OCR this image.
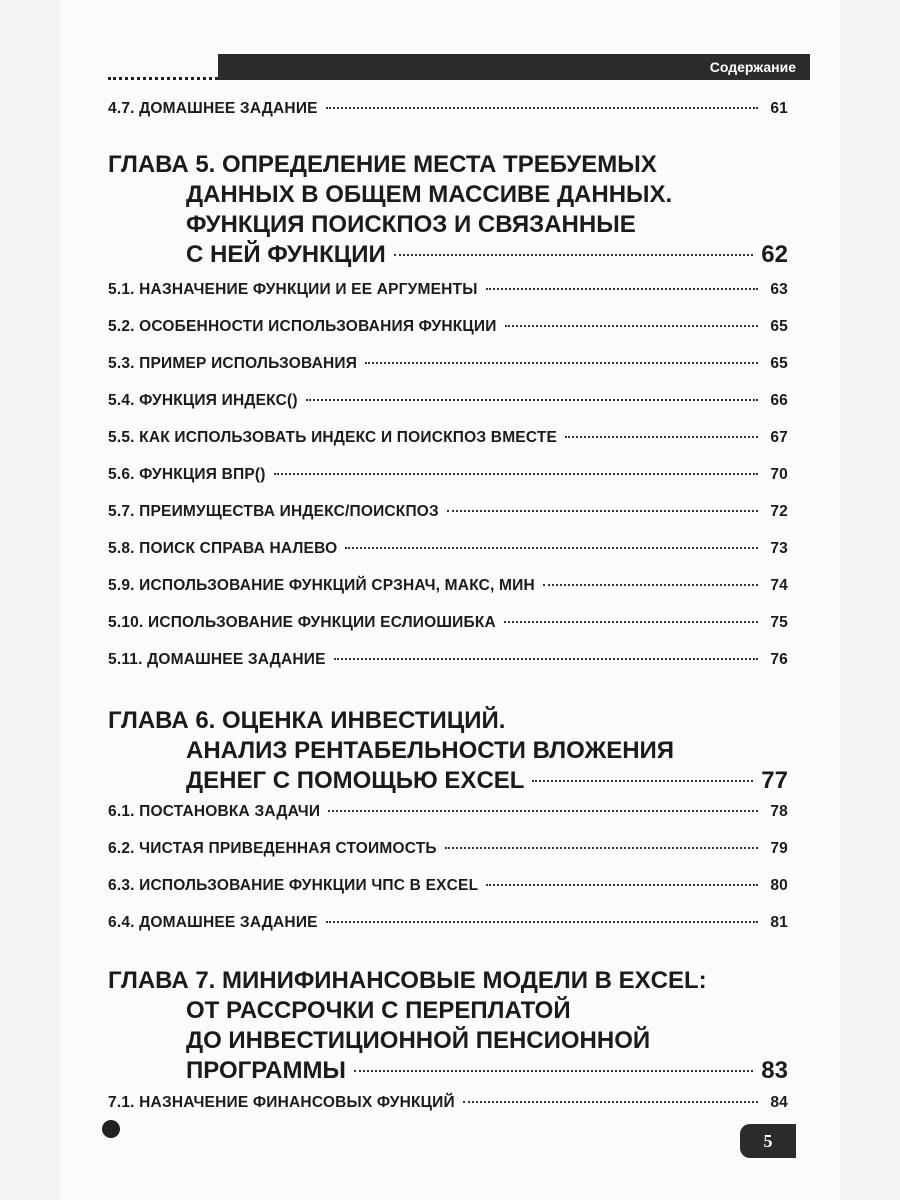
Содержание
4.7. ДОМАШНЕЕ ЗАДАНИЕ	61
ГЛАВА 5. ОПРЕДЕЛЕНИЕ МЕСТА ТРЕБУЕМЫХ
ДАННЫХ В ОБЩЕМ МАССИВЕ ДАННЫХ.
ФУНКЦИЯ ПОИСКПОЗ И СВЯЗАННЫЕ
С НЕЙ ФУНКЦИИ	62
5.1. НАЗНАЧЕНИЕ ФУНКЦИИ И ЕЕ АРГУМЕНТЫ	63
5.2. ОСОБЕННОСТИ ИСПОЛЬЗОВАНИЯ ФУНКЦИИ	65
5.3. ПРИМЕР ИСПОЛЬЗОВАНИЯ	65
5.4. ФУНКЦИЯ ИНДЕКС()	66
5.5. КАК ИСПОЛЬЗОВАТЬ ИНДЕКС И ПОИСКПОЗ ВМЕСТЕ	67
5.6. ФУНКЦИЯ ВПР()	70
5.7. ПРЕИМУЩЕСТВА ИНДЕКС/ПОИСКПОЗ	72
5.8. ПОИСК СПРАВА НАЛЕВО	73
5.9. ИСПОЛЬЗОВАНИЕ ФУНКЦИЙ СРЗНАЧ, МАКС, МИН	74
5.10. ИСПОЛЬЗОВАНИЕ ФУНКЦИИ ЕСЛИОШИБКА	75
5.11. ДОМАШНЕЕ ЗАДАНИЕ	76
ГЛАВА 6. ОЦЕНКА ИНВЕСТИЦИЙ.
АНАЛИЗ РЕНТАБЕЛЬНОСТИ ВЛОЖЕНИЯ
ДЕНЕГ С ПОМОЩЬЮ EXCEL	77
6.1. ПОСТАНОВКА ЗАДАЧИ	78
6.2. ЧИСТАЯ ПРИВЕДЕННАЯ СТОИМОСТЬ	79
6.3. ИСПОЛЬЗОВАНИЕ ФУНКЦИИ ЧПС В EXCEL	80
6.4. ДОМАШНЕЕ ЗАДАНИЕ	81
ГЛАВА 7. МИНИФИНАНСОВЫЕ МОДЕЛИ В EXCEL:
ОТ РАССРОЧКИ С ПЕРЕПЛАТОЙ
ДО ИНВЕСТИЦИОННОЙ ПЕНСИОННОЙ
ПРОГРАММЫ	83
7.1. НАЗНАЧЕНИЕ ФИНАНСОВЫХ ФУНКЦИЙ	84
5
